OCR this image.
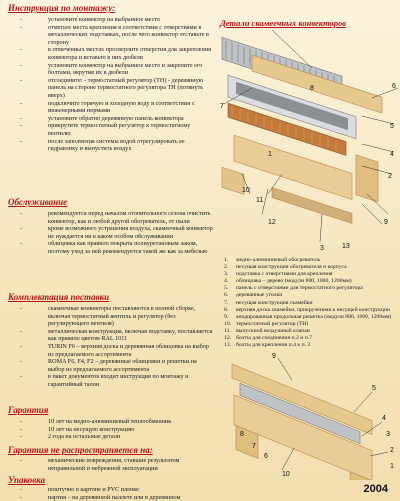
Инструкция по монтажу:
-	установите конвектор на выбранное место
-	отметьте места крепления в соответствии с отверстиями в металлических подставках, после чего конвектор отставьте в сторону
-	в отмеченных местах просверлите отверстия для закрепления конвектора и вставьте в них дюбели
-	установите конвектор на выбранное место и закрепите его болтами, вкрутив их в дюбели
-	отсоедините: - термостатный регулятор (ТН) - деревянную панель на стороне термостатного регулятора ТН (потянуть вверх)
-	подключите горячую и холодную воду в соответствии с инженерными нормами
-	установите обратно деревянную панель конвектора
-	прикрутите термостатный регулятор к термостатному вентилю
-	после заполнения системы водой отрегулировать ее гидравлику и выпустить воздух
Обслуживание
-	рекомендуется перед началом отопительного сезона очистить конвектор, как и любой другой обогреватель, от пыли
-	кроме возможного устранения воздуха, скамеечный конвектор не нуждается ни в каком особом обслуживании
-	облицовка как правило покрыта полиуретановым лаком, поэтому уход за ней рекомендуется такой же как за мебелью
Комплектация поставки
-	скамеечные конвекторы поставляются в полной сборке, включая термостатный вентиль и регулятор (без регулирующего вентиля)
-	металлическая конструкция, включая подставку, поставляется как правило цветом RAL 1011
-	TURIN F6 – верхняя доска и деревянная облицовка на выбор из предлагаемого ассортимента
-	ROMA F6, F4, F2 – деревянные облицовки и решетки на выбор из предлагаемого ассортимента
-	в пакет документов входит инструкция по монтажу и гарантийный талон
Гарантия
-	10 лет на медно-алюминиевый теплообменник
-	10 лет на несущую конструкцию
-	2 года на остальные детали
Гарантия не распространяется на:
-	механические повреждения, ставшие результатом неправильной и небрежной эксплуатации
Упаковка
-	поштучно в картоне и PVC пленке
-	партия – на деревянной паллете или в деревянном
8
7
6
5
4
3
2
1
11
12
13
10
9
Детали скамеечных конвекторов
1. медно-алюминиевый обогреватель
2. несущая конструкция обогревателя и корпуса
3. подставка с отверстиями для крепления
4. облицовка – дерево (модули 800, 1000, 1200мм)
5. панель с отверстиями для термостатного регулятора
6. деревянные уголки
7. несущая конструкция скамейки
8. верхняя доска скамейки, прикрученная к несущей конструкции
9. анодированная продольная решетка (модули 800, 1000, 1200мм)
10. термостатный регулятор (ТН)
11. выпускной воздушный клапан
12. болты для соединения п.2 и п.7
13. болты для крепления п.4 к п. 2
9
8
7
6
5
4
3
2
1
10
2004
